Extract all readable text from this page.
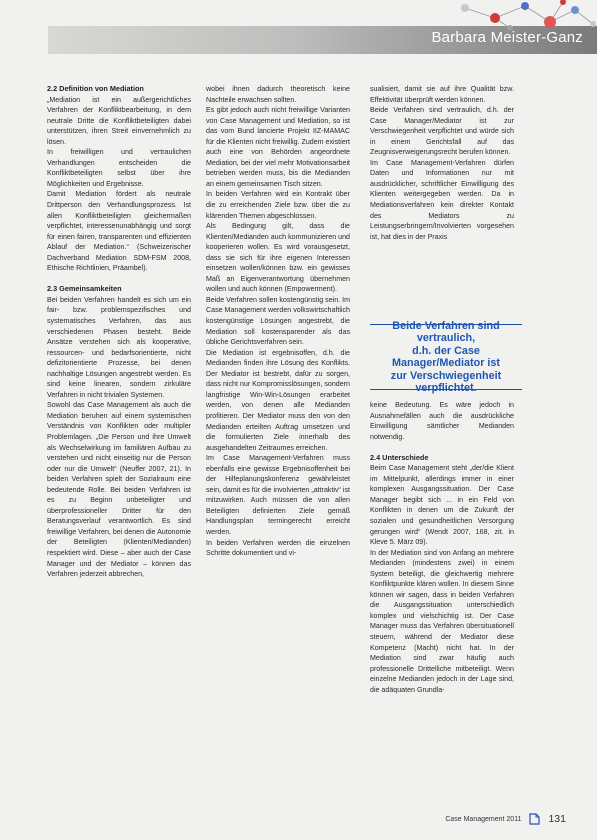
Barbara Meister-Ganz
2.2 Definition von Mediation

„Mediation ist ein außergerichtliches Verfahren der Konfliktbearbeitung, in dem neutrale Dritte die Konfliktbeteiligten dabei unterstützen, ihren Streit einvernehmlich zu lösen.

In freiwilligen und vertraulichen Verhandlungen entscheiden die Konfliktbeteiligten selbst über ihre Möglichkeiten und Ergebnisse.

Damit Mediation fördert als neutrale Drittperson den Verhandlungsprozess. Ist allen Konfliktbeteiligten gleichermaßen verpflichtet, interessenunabhängig und sorgt für einen fairen, transparenten und effizienten Ablauf der Mediation.“ (Schweizerischer Dachverband Mediation SDM-FSM 2008, Ethische Richtlinien, Präambel).

2.3 Gemeinsamkeiten

Bei beiden Verfahren handelt es sich um ein fair- bzw. problemspezifisches und systematisches Verfahren, das aus verschiedenen Phasen besteht. Beide Ansätze verstehen sich als kooperative, ressourcen- und bedarfsorientierte, nicht defizitorientierte Prozesse, bei denen nachhaltige Lösungen angestrebt werden. Es sind keine linearen, sondern zirkuläre Verfahren in nicht trivialen Systemen.

Sowohl das Case Management als auch die Mediation beruhen auf einem systemischen Verständnis von Konflikten oder multipler Problemlagen. „Die Person und ihre Umwelt als Wechselwirkung im familiären Aufbau zu verstehen und nicht einseitig nur die Person oder nur die Umwelt“ (Neuffer 2007, 21). In beiden Verfahren spielt der Sozialraum eine bedeutende Rolle. Bei beiden Verfahren ist es zu Beginn unbeteiligter und überprofessioneller Dritter für den Beratungsverlauf verantwortlich. Es sind freiwillige Verfahren, bei denen die Autonomie der Beteiligten (Klienten/Medianden) respektiert wird. Diese – aber auch der Case Manager und der Mediator – können das Verfahren jederzeit abbrechen,

wobei ihnen dadurch theoretisch keine Nachteile erwachsen sollten.

Es gibt jedoch auch nicht freiwillige Varianten von Case Management und Mediation, so ist das vom Bund lancierte Projekt IIZ-MAMAC für die Klienten nicht freiwillig. Zudem existiert auch eine von Behörden angeordnete Mediation, bei der viel mehr Motivationsarbeit betrieben werden muss, bis die Medianden an einem gemeinsamen Tisch sitzen.

In beiden Verfahren wird ein Kontrakt über die zu erreichenden Ziele bzw. über die zu klärenden Themen abgeschlossen.

Als Bedingung gilt, dass die Klienten/Medianden auch kommunizieren und kooperieren wollen. Es wird vorausgesetzt, dass sie sich für ihre eigenen Interessen einsetzen wollen/können bzw. ein gewisses Maß an Eigenverantwortung übernehmen wollen und auch können (Empowerment).

Beide Verfahren sollen kostengünstig sein. Im Case Management werden volkswirtschaftlich kostengünstige Lösungen angestrebt, die Mediation soll kostensparender als das übliche Gerichtsverfahren sein.

Die Mediation ist ergebnisoffen, d.h. die Medianden finden ihre Lösung des Konflikts. Der Mediator ist bestrebt, dafür zu sorgen, dass nicht nur Kompromisslösungen, sondern langfristige Win-Win-Lösungen erarbeitet werden, von denen alle Medianden profitieren. Der Mediator muss den von den Medianden erteilten Auftrag umsetzen und die formulierten Ziele innerhalb des ausgehandelten Zeitraumes erreichen.

Im Case Management-Verfahren muss ebenfalls eine gewisse Ergebnisoffenheit bei der Hilfeplanungskonferenz gewährleistet sein, damit es für die involvierten „attraktiv“ ist mitzuwirken. Auch müssen die von allen Beteiligten definierten Ziele gemäß Handlungsplan termingerecht erreicht werden.

In beiden Verfahren werden die einzelnen Schritte dokumentiert und vi-

sualisiert, damit sie auf ihre Qualität bzw. Effektivität überprüft werden können.

Beide Verfahren sind vertraulich, d.h. der Case Manager/Mediator ist zur Verschwiegenheit verpflichtet und würde sich in einem Gerichtsfall auf das Zeugnisverweigerungsrecht berufen können.

Im Case Management-Verfahren dürfen Daten und Informationen nur mit ausdrücklicher, schriftlicher Einwilligung des Klienten weitergegeben werden. Da in Mediationsverfahren kein direkter Kontakt des Mediators zu Leistungserbringern/Involvierten vorgesehen ist, hat dies in der Praxis

Beide Verfahren sind vertraulich,
d.h. der Case Manager/Mediator ist
zur Verschwiegenheit verpflichtet.

keine Bedeutung. Es wäre jedoch in Ausnahmefällen auch die ausdrückliche Einwilligung sämtlicher Medianden notwendig.

2.4 Unterschiede

Beim Case Management steht „der/die Klient im Mittelpunkt, allerdings immer in einer komplexen Ausgangssituation. Der Case Manager begibt sich ... in ein Feld von Konflikten in denen um die Zukunft der sozialen und gesundheitlichen Versorgung gerungen wird“ (Wendt 2007, 168, zit. in Kleve 5. März 09).

In der Mediation sind von Anfang an mehrere Medianden (mindestens zwei) in einem System beteiligt, die gleichwertig mehrere Konfliktpunkte klären wollen. In diesem Sinne können wir sagen, dass in beiden Verfahren die Ausgangssituation unterschiedlich komplex und vielschichtig ist. Der Case Manager muss das Verfahren übersituationell steuern, während der Mediator diese Kompetenz (Macht) nicht hat. In der Mediation sind zwar häufig auch professionelle Drittelliche mitbeteiligt. Wenn einzelne Medianden jedoch in der Lage sind, die adäquaten Grundla-

Case Management 2011	131
